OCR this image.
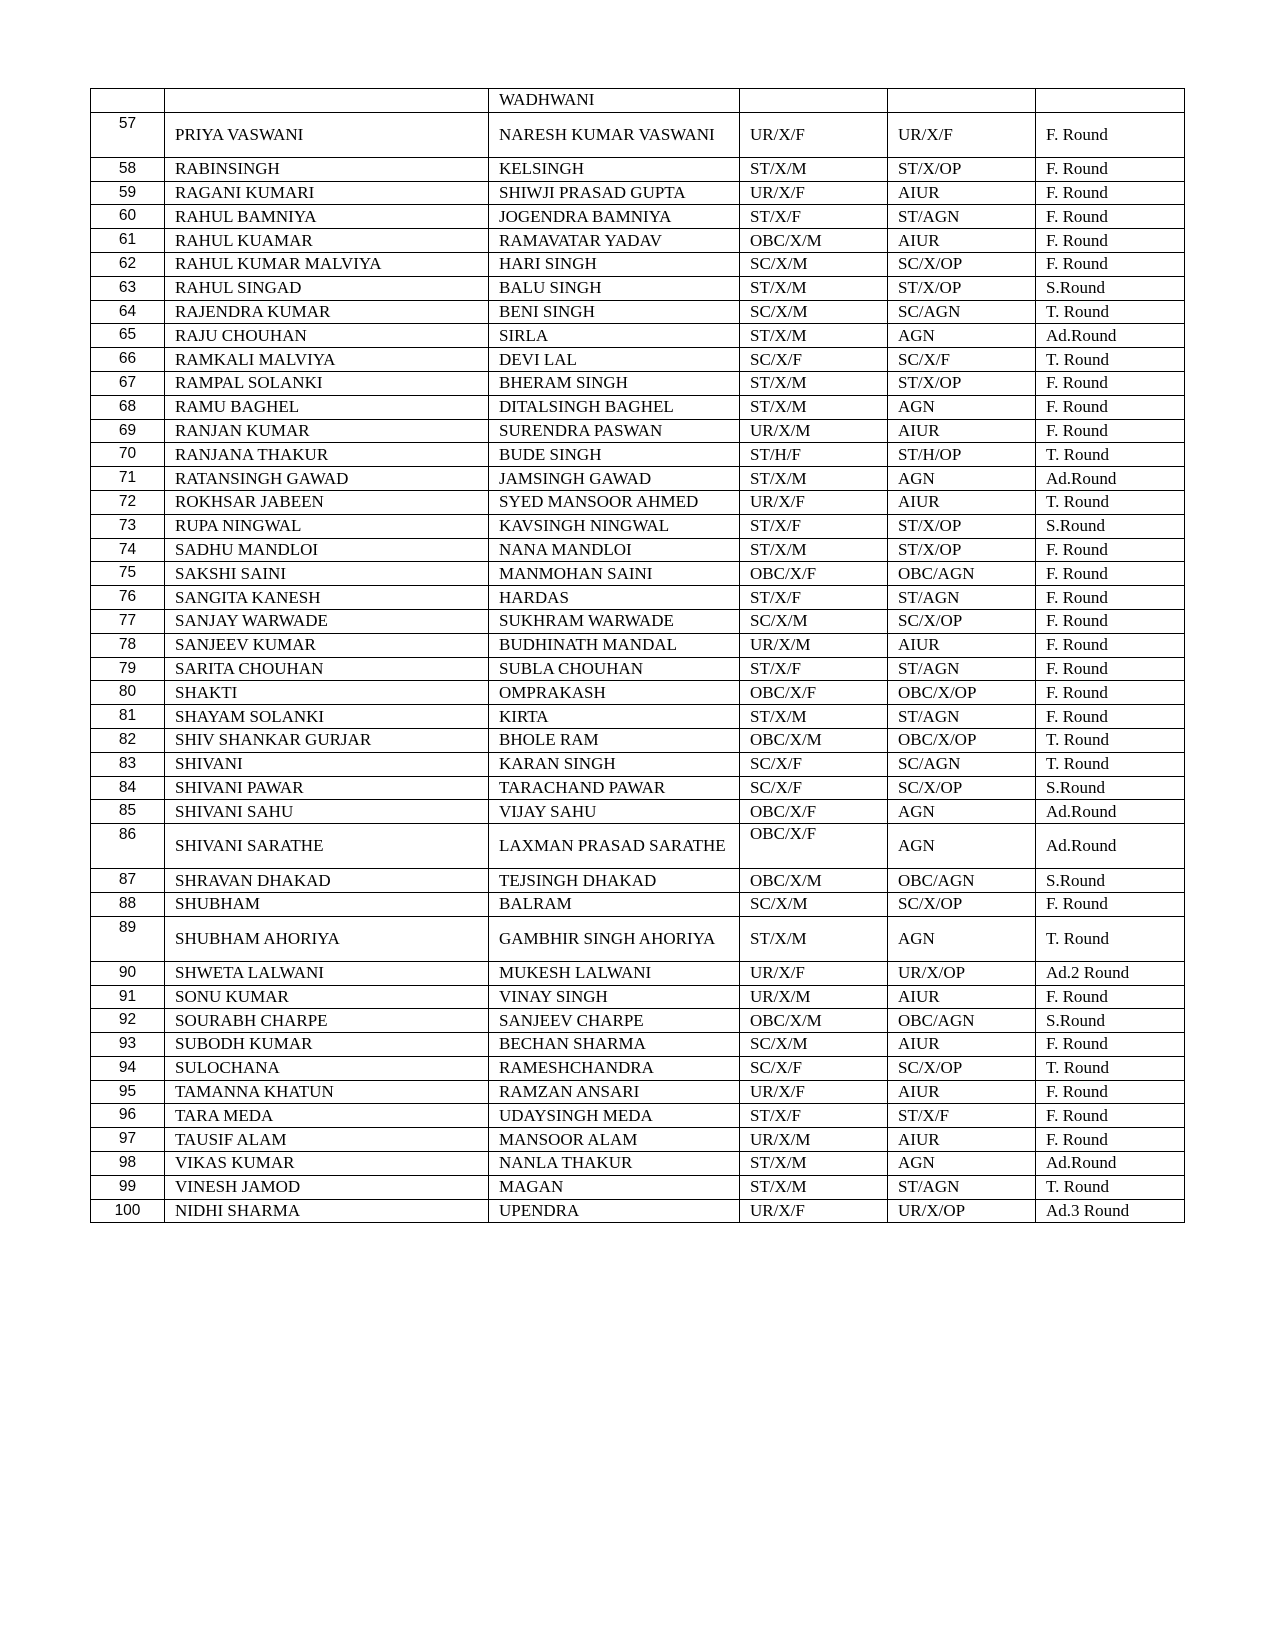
		WADHWANI			
57	PRIYA VASWANI	NARESH KUMAR VASWANI	UR/X/F	UR/X/F	F. Round
58	RABINSINGH	KELSINGH	ST/X/M	ST/X/OP	F. Round
59	RAGANI KUMARI	SHIWJI PRASAD GUPTA	UR/X/F	AIUR	F. Round
60	RAHUL BAMNIYA	JOGENDRA BAMNIYA	ST/X/F	ST/AGN	F. Round
61	RAHUL KUAMAR	RAMAVATAR YADAV	OBC/X/M	AIUR	F. Round
62	RAHUL KUMAR MALVIYA	HARI SINGH	SC/X/M	SC/X/OP	F. Round
63	RAHUL SINGAD	BALU SINGH	ST/X/M	ST/X/OP	S.Round
64	RAJENDRA KUMAR	BENI SINGH	SC/X/M	SC/AGN	T. Round
65	RAJU CHOUHAN	SIRLA	ST/X/M	AGN	Ad.Round
66	RAMKALI MALVIYA	DEVI LAL	SC/X/F	SC/X/F	T. Round
67	RAMPAL SOLANKI	BHERAM SINGH	ST/X/M	ST/X/OP	F. Round
68	RAMU BAGHEL	DITALSINGH BAGHEL	ST/X/M	AGN	F. Round
69	RANJAN KUMAR	SURENDRA PASWAN	UR/X/M	AIUR	F. Round
70	RANJANA THAKUR	BUDE SINGH	ST/H/F	ST/H/OP	T. Round
71	RATANSINGH GAWAD	JAMSINGH GAWAD	ST/X/M	AGN	Ad.Round
72	ROKHSAR JABEEN	SYED MANSOOR AHMED	UR/X/F	AIUR	T. Round
73	RUPA NINGWAL	KAVSINGH NINGWAL	ST/X/F	ST/X/OP	S.Round
74	SADHU MANDLOI	NANA MANDLOI	ST/X/M	ST/X/OP	F. Round
75	SAKSHI SAINI	MANMOHAN SAINI	OBC/X/F	OBC/AGN	F. Round
76	SANGITA KANESH	HARDAS	ST/X/F	ST/AGN	F. Round
77	SANJAY WARWADE	SUKHRAM WARWADE	SC/X/M	SC/X/OP	F. Round
78	SANJEEV KUMAR	BUDHINATH MANDAL	UR/X/M	AIUR	F. Round
79	SARITA CHOUHAN	SUBLA CHOUHAN	ST/X/F	ST/AGN	F. Round
80	SHAKTI	OMPRAKASH	OBC/X/F	OBC/X/OP	F. Round
81	SHAYAM SOLANKI	KIRTA	ST/X/M	ST/AGN	F. Round
82	SHIV SHANKAR GURJAR	BHOLE RAM	OBC/X/M	OBC/X/OP	T. Round
83	SHIVANI	KARAN SINGH	SC/X/F	SC/AGN	T. Round
84	SHIVANI PAWAR	TARACHAND PAWAR	SC/X/F	SC/X/OP	S.Round
85	SHIVANI SAHU	VIJAY SAHU	OBC/X/F	AGN	Ad.Round
86	SHIVANI SARATHE	LAXMAN PRASAD SARATHE	OBC/X/F	AGN	Ad.Round
87	SHRAVAN DHAKAD	TEJSINGH DHAKAD	OBC/X/M	OBC/AGN	S.Round
88	SHUBHAM	BALRAM	SC/X/M	SC/X/OP	F. Round
89	SHUBHAM AHORIYA	GAMBHIR SINGH AHORIYA	ST/X/M	AGN	T. Round
90	SHWETA LALWANI	MUKESH LALWANI	UR/X/F	UR/X/OP	Ad.2 Round
91	SONU KUMAR	VINAY SINGH	UR/X/M	AIUR	F. Round
92	SOURABH CHARPE	SANJEEV CHARPE	OBC/X/M	OBC/AGN	S.Round
93	SUBODH KUMAR	BECHAN SHARMA	SC/X/M	AIUR	F. Round
94	SULOCHANA	RAMESHCHANDRA	SC/X/F	SC/X/OP	T. Round
95	TAMANNA KHATUN	RAMZAN ANSARI	UR/X/F	AIUR	F. Round
96	TARA MEDA	UDAYSINGH MEDA	ST/X/F	ST/X/F	F. Round
97	TAUSIF ALAM	MANSOOR ALAM	UR/X/M	AIUR	F. Round
98	VIKAS KUMAR	NANLA THAKUR	ST/X/M	AGN	Ad.Round
99	VINESH JAMOD	MAGAN	ST/X/M	ST/AGN	T. Round
100	NIDHI SHARMA	UPENDRA	UR/X/F	UR/X/OP	Ad.3 Round
